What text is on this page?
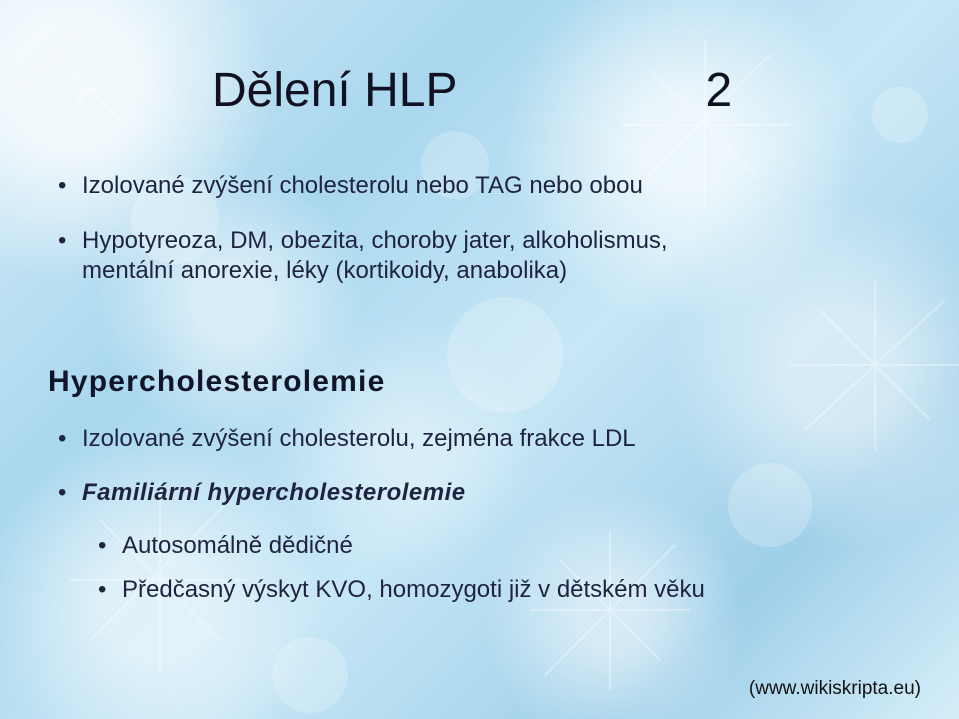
Dělení HLP	2
• Izolované zvýšení cholesterolu nebo TAG nebo obou
• Hypotyreoza, DM, obezita, choroby jater, alkoholismus,
mentální anorexie, léky (kortikoidy, anabolika)
Hypercholesterolemie
• Izolované zvýšení cholesterolu, zejména frakce LDL
• Familiární hypercholesterolemie
• Autosomálně dědičné
• Předčasný výskyt KVO, homozygoti již v dětském věku
(www.wikiskripta.eu)
